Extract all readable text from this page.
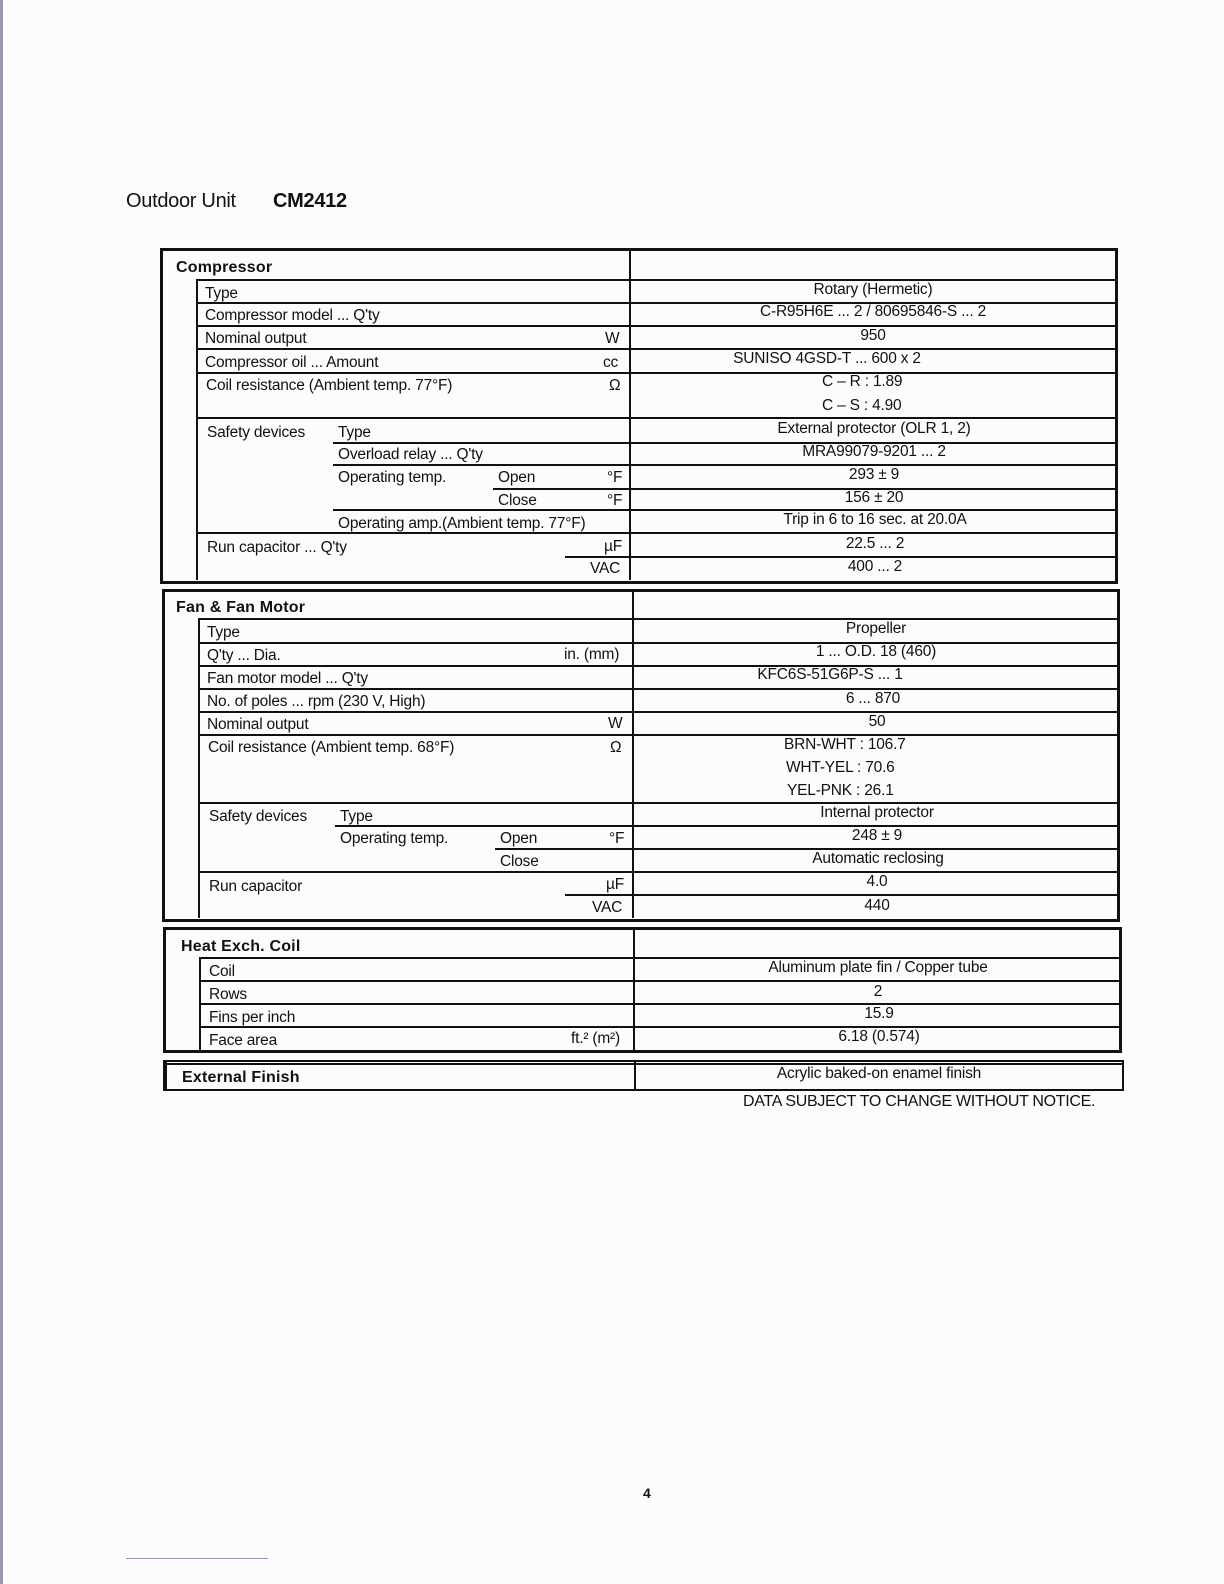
Outdoor Unit CM2412
Compressor
Type	Rotary (Hermetic)
Compressor model ... Q'ty	C-R95H6E ... 2 / 80695846-S ... 2
Nominal output	W	950
Compressor oil ... Amount	cc	SUNISO 4GSD-T ... 600 x 2
Coil resistance (Ambient temp. 77°F)	Ω	C – R : 1.89
C – S : 4.90
Safety devices Type	External protector (OLR 1, 2)
Overload relay ... Q'ty	MRA99079-9201 ... 2
Operating temp.	Open	°F	293 ± 9
Close	°F	156 ± 20
Operating amp.(Ambient temp. 77°F)	Trip in 6 to 16 sec. at 20.0A
Run capacitor ... Q'ty	µF	22.5 ... 2
VAC	400 ... 2
Fan & Fan Motor
Type	Propeller
Q'ty ... Dia.	in. (mm)	1 ... O.D. 18 (460)
Fan motor model ... Q'ty	KFC6S-51G6P-S ... 1
No. of poles ... rpm (230 V, High)	6 ... 870
Nominal output	W	50
Coil resistance (Ambient temp. 68°F)	Ω	BRN-WHT : 106.7
WHT-YEL : 70.6
YEL-PNK : 26.1
Safety devices Type	Internal protector
Operating temp.	Open	°F	248 ± 9
Close	Automatic reclosing
Run capacitor	µF	4.0
VAC	440
Heat Exch. Coil
Coil	Aluminum plate fin / Copper tube
Rows	2
Fins per inch	15.9
Face area	ft.² (m²)	6.18 (0.574)
External Finish	Acrylic baked-on enamel finish
DATA SUBJECT TO CHANGE WITHOUT NOTICE.
4
